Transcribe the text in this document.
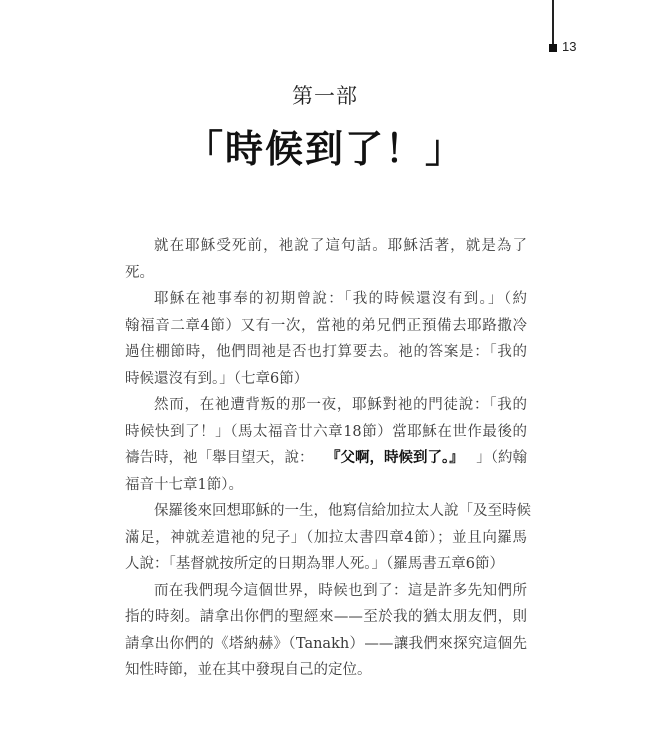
13
第一部
「時候到了！」
就在耶穌受死前，祂說了這句話。耶穌活著，就是為了
死。
耶穌在祂事奉的初期曾說：「我的時候還沒有到。」（約
翰福音二章4節）又有一次，當祂的弟兄們正預備去耶路撒冷
過住棚節時，他們問祂是否也打算要去。祂的答案是：「我的
時候還沒有到。」（七章6節）
然而，在祂遭背叛的那一夜，耶穌對祂的門徒說：「我的
時候快到了！」（馬太福音廿六章18節）當耶穌在世作最後的
禱告時，祂「舉目望天，說： 『父啊，時候到了。』 」（約翰
福音十七章1節）。
保羅後來回想耶穌的一生，他寫信給加拉太人說「及至時候
滿足，神就差遣祂的兒子」（加拉太書四章4節）；並且向羅馬
人說：「基督就按所定的日期為罪人死。」（羅馬書五章6節）
而在我們現今這個世界，時候也到了：這是許多先知們所
指的時刻。請拿出你們的聖經來——至於我的猶太朋友們，則
請拿出你們的《塔納赫》（Tanakh）——讓我們來探究這個先
知性時節，並在其中發現自己的定位。
